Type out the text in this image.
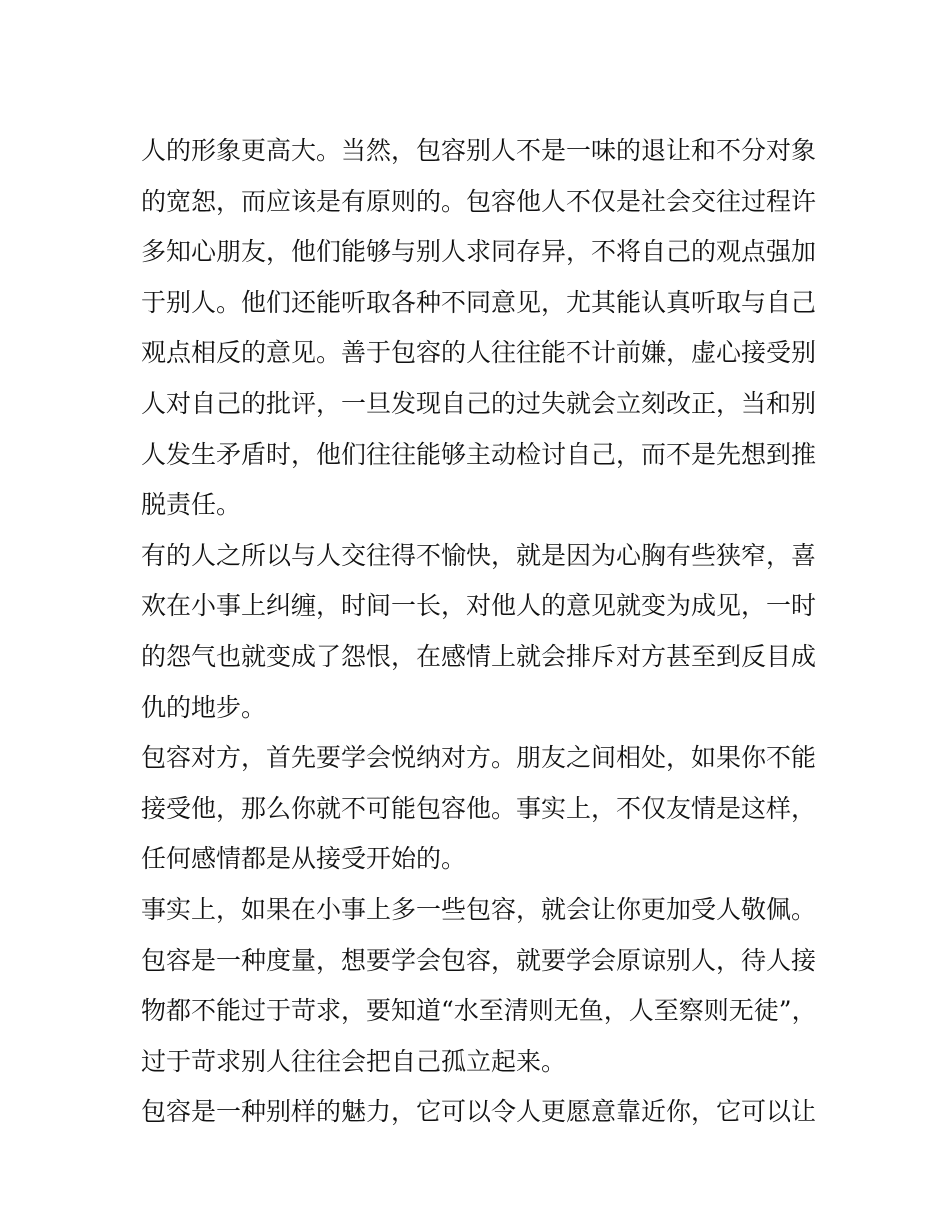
人的形象更高大。当然，包容别人不是一味的退让和不分对象
的宽恕，而应该是有原则的。包容他人不仅是社会交往过程许
多知心朋友，他们能够与别人求同存异，不将自己的观点强加
于别人。他们还能听取各种不同意见，尤其能认真听取与自己
观点相反的意见。善于包容的人往往能不计前嫌，虚心接受别
人对自己的批评，一旦发现自己的过失就会立刻改正，当和别
人发生矛盾时，他们往往能够主动检讨自己，而不是先想到推
脱责任。
有的人之所以与人交往得不愉快，就是因为心胸有些狭窄，喜
欢在小事上纠缠，时间一长，对他人的意见就变为成见，一时
的怨气也就变成了怨恨，在感情上就会排斥对方甚至到反目成
仇的地步。
包容对方，首先要学会悦纳对方。朋友之间相处，如果你不能
接受他，那么你就不可能包容他。事实上，不仅友情是这样，
任何感情都是从接受开始的。
事实上，如果在小事上多一些包容，就会让你更加受人敬佩。
包容是一种度量，想要学会包容，就要学会原谅别人，待人接
物都不能过于苛求，要知道“水至清则无鱼，人至察则无徒”，
过于苛求别人往往会把自己孤立起来。
包容是一种别样的魅力，它可以令人更愿意靠近你，它可以让
